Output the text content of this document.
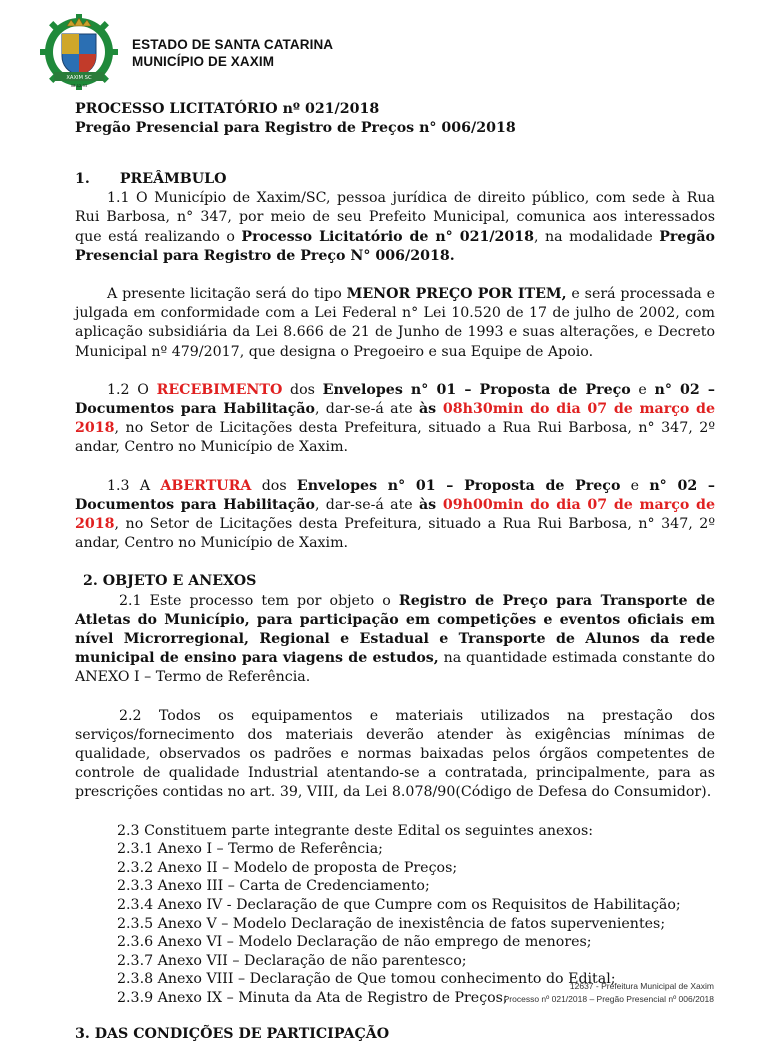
XAXIM SC
08-12-53
ESTADO DE SANTA CATARINA
MUNICÍPIO DE XAXIM

PROCESSO LICITATÓRIO nº 021/2018

Pregão Presencial para Registro de Preços n° 006/2018

1. PREÂMBULO

1.1 O Município de Xaxim/SC, pessoa jurídica de direito público, com sede à Rua Rui Barbosa, n° 347, por meio de seu Prefeito Municipal, comunica aos interessados que está realizando o Processo Licitatório de n° 021/2018, na modalidade Pregão Presencial para Registro de Preço N° 006/2018.

A presente licitação será do tipo MENOR PREÇO POR ITEM, e será processada e julgada em conformidade com a Lei Federal n° Lei 10.520 de 17 de julho de 2002, com aplicação subsidiária da Lei 8.666 de 21 de Junho de 1993 e suas alterações, e Decreto Municipal nº 479/2017, que designa o Pregoeiro e sua Equipe de Apoio.

1.2 O RECEBIMENTO dos Envelopes n° 01 – Proposta de Preço e n° 02 – Documentos para Habilitação, dar-se-á ate às 08h30min do dia 07 de março de 2018, no Setor de Licitações desta Prefeitura, situado a Rua Rui Barbosa, n° 347, 2º andar, Centro no Município de Xaxim.

1.3 A ABERTURA dos Envelopes n° 01 – Proposta de Preço e n° 02 – Documentos para Habilitação, dar-se-á ate às 09h00min do dia 07 de março de 2018, no Setor de Licitações desta Prefeitura, situado a Rua Rui Barbosa, n° 347, 2º andar, Centro no Município de Xaxim.

2. OBJETO E ANEXOS

2.1 Este processo tem por objeto o Registro de Preço para Transporte de Atletas do Município, para participação em competições e eventos oficiais em nível Microrregional, Regional e Estadual e Transporte de Alunos da rede municipal de ensino para viagens de estudos, na quantidade estimada constante do ANEXO I – Termo de Referência.

2.2 Todos os equipamentos e materiais utilizados na prestação dos serviços/fornecimento dos materiais deverão atender às exigências mínimas de qualidade, observados os padrões e normas baixadas pelos órgãos competentes de controle de qualidade Industrial atentando-se a contratada, principalmente, para as prescrições contidas no art. 39, VIII, da Lei 8.078/90(Código de Defesa do Consumidor).

2.3 Constituem parte integrante deste Edital os seguintes anexos:

2.3.1 Anexo I – Termo de Referência;

2.3.2 Anexo II – Modelo de proposta de Preços;

2.3.3 Anexo III – Carta de Credenciamento;

2.3.4 Anexo IV - Declaração de que Cumpre com os Requisitos de Habilitação;

2.3.5 Anexo V – Modelo Declaração de inexistência de fatos supervenientes;

2.3.6 Anexo VI – Modelo Declaração de não emprego de menores;

2.3.7 Anexo VII – Declaração de não parentesco;

2.3.8 Anexo VIII – Declaração de Que tomou conhecimento do Edital;

2.3.9 Anexo IX – Minuta da Ata de Registro de Preços;

3. DAS CONDIÇÕES DE PARTICIPAÇÃO

12637 - Prefeitura Municipal de Xaxim
Processo nº 021/2018 – Pregão Presencial nº 006/2018
